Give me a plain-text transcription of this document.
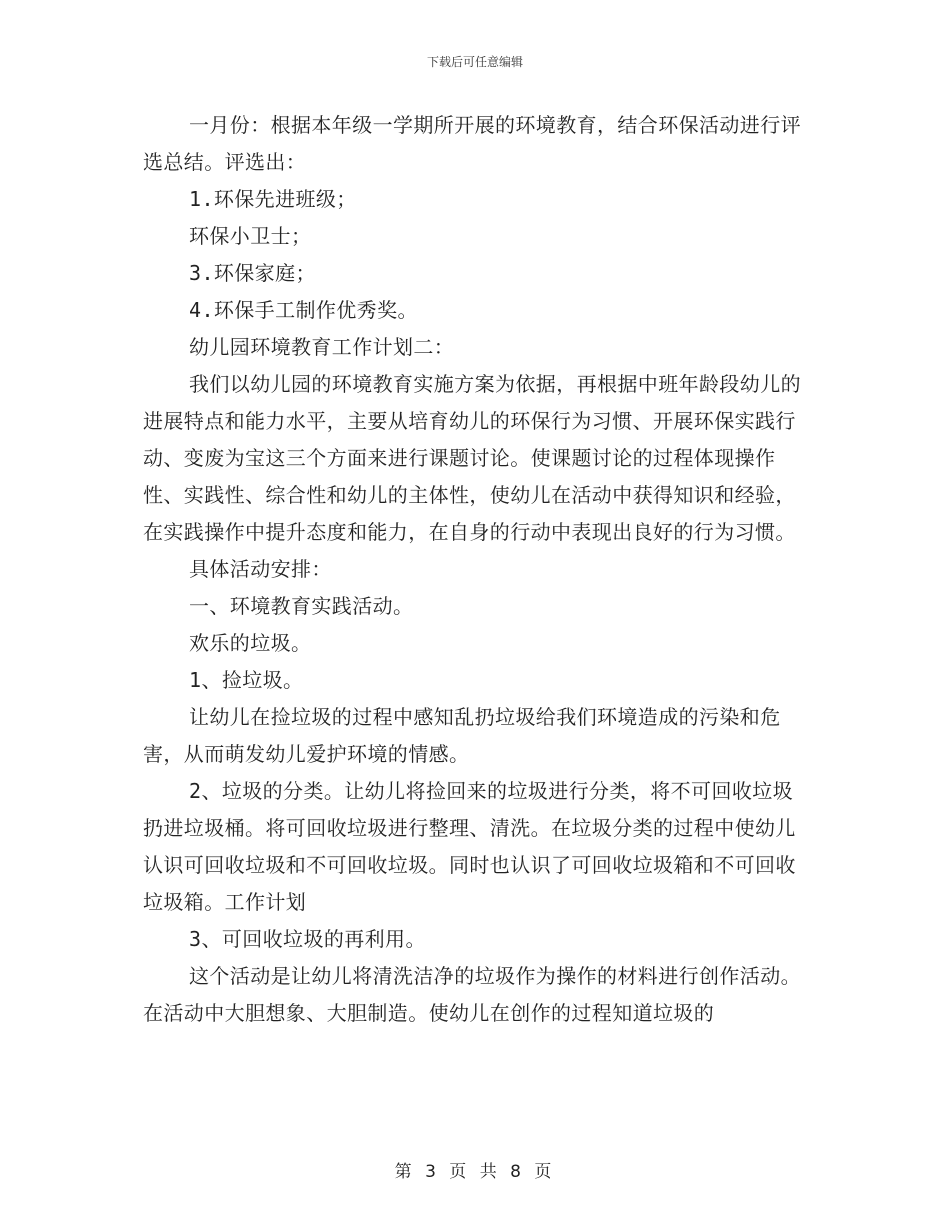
下载后可任意编辑

一月份：根据本年级一学期所开展的环境教育，结合环保活动进行评选总结。评选出：

1.环保先进班级；

环保小卫士；

3.环保家庭；

4.环保手工制作优秀奖。

幼儿园环境教育工作计划二：

我们以幼儿园的环境教育实施方案为依据，再根据中班年龄段幼儿的进展特点和能力水平，主要从培育幼儿的环保行为习惯、开展环保实践行动、变废为宝这三个方面来进行课题讨论。使课题讨论的过程体现操作性、实践性、综合性和幼儿的主体性，使幼儿在活动中获得知识和经验，在实践操作中提升态度和能力，在自身的行动中表现出良好的行为习惯。

具体活动安排：

一、环境教育实践活动。

欢乐的垃圾。

1、捡垃圾。

让幼儿在捡垃圾的过程中感知乱扔垃圾给我们环境造成的污染和危害，从而萌发幼儿爱护环境的情感。

2、垃圾的分类。让幼儿将捡回来的垃圾进行分类，将不可回收垃圾扔进垃圾桶。将可回收垃圾进行整理、清洗。在垃圾分类的过程中使幼儿认识可回收垃圾和不可回收垃圾。同时也认识了可回收垃圾箱和不可回收垃圾箱。工作计划

3、可回收垃圾的再利用。

这个活动是让幼儿将清洗洁净的垃圾作为操作的材料进行创作活动。在活动中大胆想象、大胆制造。使幼儿在创作的过程知道垃圾的

第 3 页 共 8 页
